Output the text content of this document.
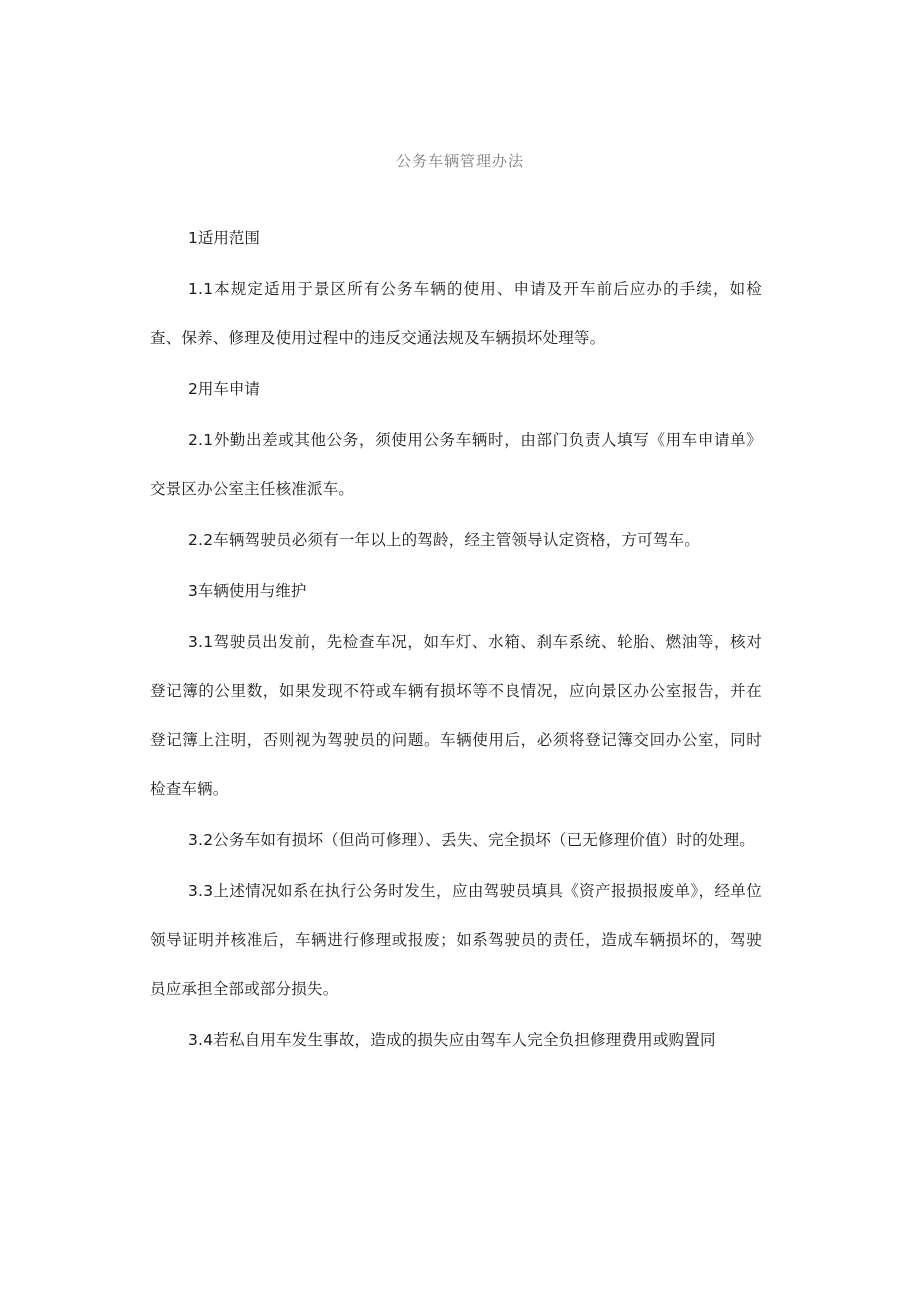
公务车辆管理办法

1适用范围

1.1本规定适用于景区所有公务车辆的使用、申请及开车前后应办的手续，如检查、保养、修理及使用过程中的违反交通法规及车辆损坏处理等。

2用车申请

2.1外勤出差或其他公务，须使用公务车辆时，由部门负责人填写《用车申请单》交景区办公室主任核准派车。

2.2车辆驾驶员必须有一年以上的驾龄，经主管领导认定资格，方可驾车。

3车辆使用与维护

3.1驾驶员出发前，先检查车况，如车灯、水箱、刹车系统、轮胎、燃油等，核对登记簿的公里数，如果发现不符或车辆有损坏等不良情况，应向景区办公室报告，并在登记簿上注明，否则视为驾驶员的问题。车辆使用后，必须将登记簿交回办公室，同时检查车辆。

3.2公务车如有损坏（但尚可修理）、丢失、完全损坏（已无修理价值）时的处理。

3.3上述情况如系在执行公务时发生，应由驾驶员填具《资产报损报废单》，经单位领导证明并核准后，车辆进行修理或报废；如系驾驶员的责任，造成车辆损坏的，驾驶员应承担全部或部分损失。

3.4若私自用车发生事故，造成的损失应由驾车人完全负担修理费用或购置同
